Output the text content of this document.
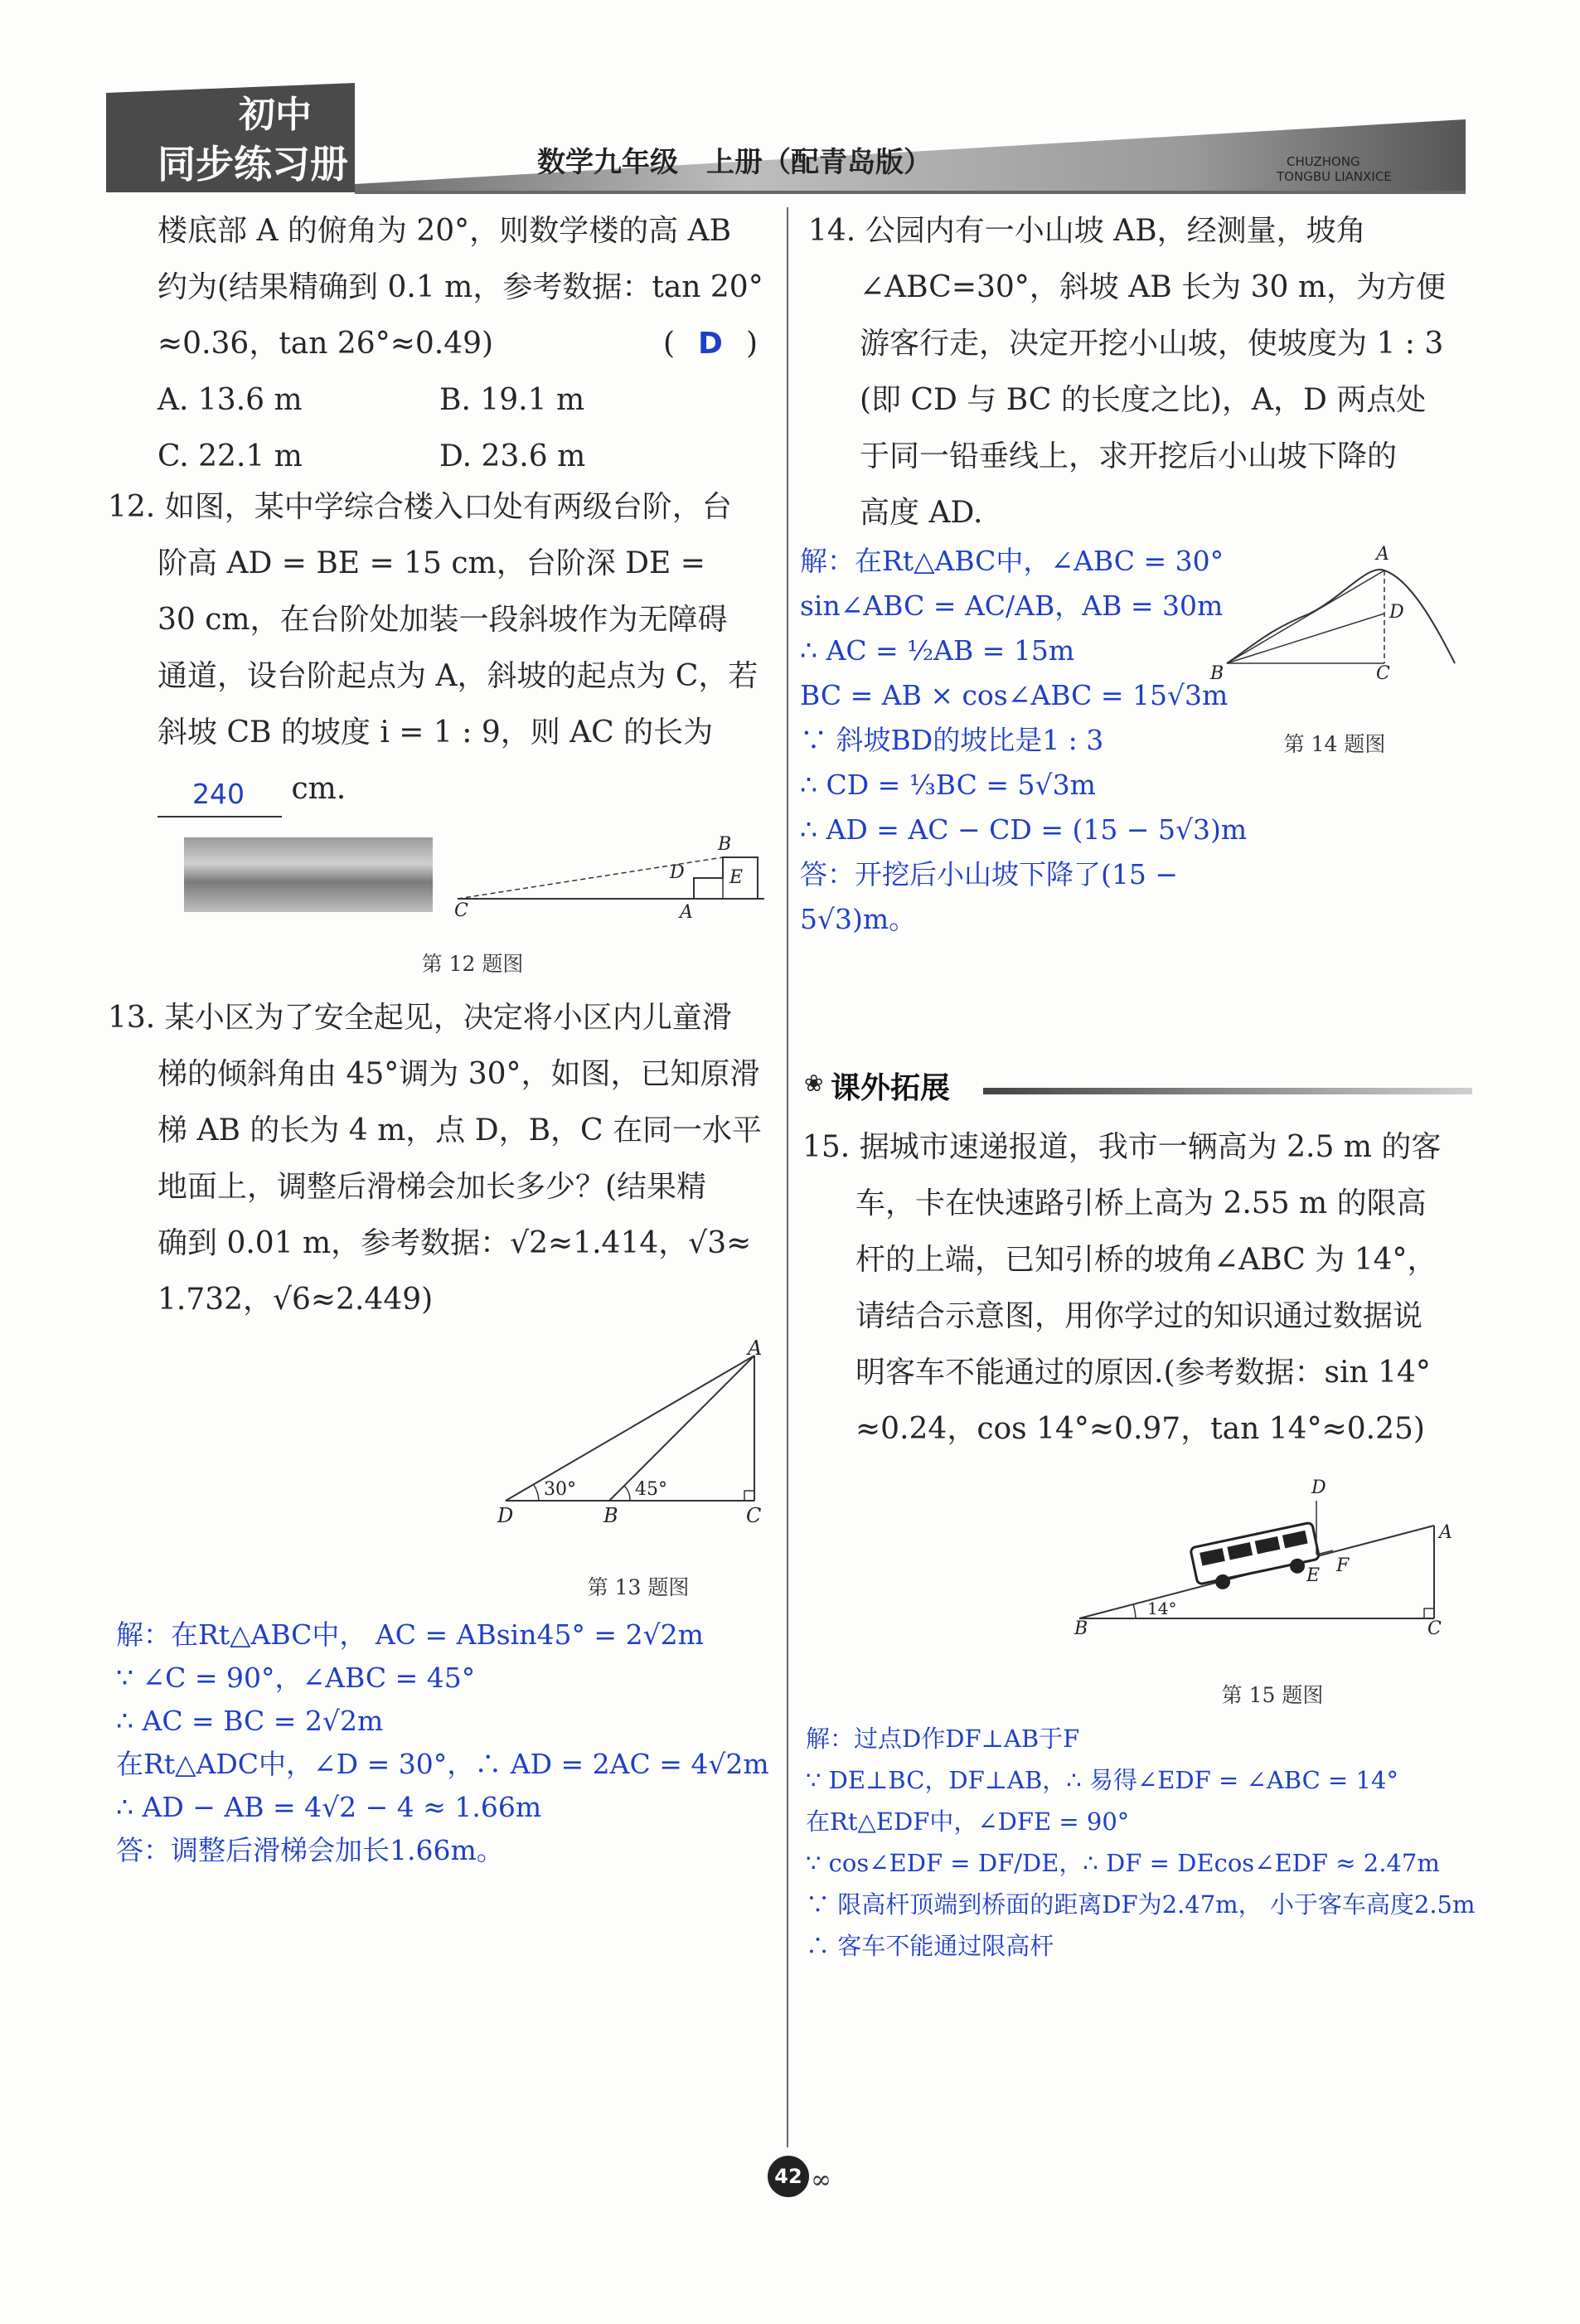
初中
同步练习册	数学九年级　上册（配青岛版）	CHUZHONG
TONGBU LIANXICE
楼底部 A 的俯角为 20°，则数学楼的高 AB
约为(结果精确到 0.1 m，参考数据：tan 20°
≈0.36，tan 26°≈0.49)	( D )
A. 13.6 m	B. 19.1 m
C. 22.1 m	D. 23.6 m
12. 如图，某中学综合楼入口处有两级台阶，台
阶高 AD = BE = 15 cm，台阶深 DE =
30 cm，在台阶处加装一段斜坡作为无障碍
通道，设台阶起点为 A，斜坡的起点为 C，若
斜坡 CB 的坡度 i = 1 : 9，则 AC 的长为
240 cm.
B
D E
C	A
第 12 题图
13. 某小区为了安全起见，决定将小区内儿童滑
梯的倾斜角由 45°调为 30°，如图，已知原滑
梯 AB 的长为 4 m，点 D，B，C 在同一水平
地面上，调整后滑梯会加长多少？(结果精
确到 0.01 m，参考数据：√2≈1.414，√3≈
1.732，√6≈2.449)
A
D	B	C
30°	45°
第 13 题图
解：在Rt△ABC中， AC = ABsin45° = 2√2m
∵ ∠C = 90°，∠ABC = 45°
∴ AC = BC = 2√2m
在Rt△ADC中，∠D = 30°，∴ AD = 2AC = 4√2m
∴ AD − AB = 4√2 − 4 ≈ 1.66m
答：调整后滑梯会加长1.66m。
14. 公园内有一小山坡 AB，经测量，坡角
∠ABC=30°，斜坡 AB 长为 30 m，为方便
游客行走，决定开挖小山坡，使坡度为 1 : 3
(即 CD 与 BC 的长度之比)，A，D 两点处
于同一铅垂线上，求开挖后小山坡下降的
高度 AD.
解：在Rt△ABC中，∠ABC = 30°
sin∠ABC = AC/AB，AB = 30m
∴ AC = ½AB = 15m
BC = AB × cos∠ABC = 15√3m
∵ 斜坡BD的坡比是1 : 3
∴ CD = ⅓BC = 5√3m
∴ AD = AC − CD = (15 − 5√3)m
答：开挖后小山坡下降了(15 − 5√3)m。
A
D
B	C
第 14 题图
❀ 课外拓展
15. 据城市速递报道，我市一辆高为 2.5 m 的客
车，卡在快速路引桥上高为 2.55 m 的限高
杆的上端，已知引桥的坡角∠ABC 为 14°，
请结合示意图，用你学过的知识通过数据说
明客车不能通过的原因.(参考数据：sin 14°
≈0.24，cos 14°≈0.97，tan 14°≈0.25)
D
A
E F
B	C
14°
第 15 题图
解：过点D作DF⊥AB于F
∵ DE⊥BC，DF⊥AB，∴ 易得∠EDF = ∠ABC = 14°
在Rt△EDF中，∠DFE = 90°
∵ cos∠EDF = DF/DE，∴ DF = DEcos∠EDF ≈ 2.47m
∵ 限高杆顶端到桥面的距离DF为2.47m， 小于客车高度2.5m
∴ 客车不能通过限高杆
42 ∞
